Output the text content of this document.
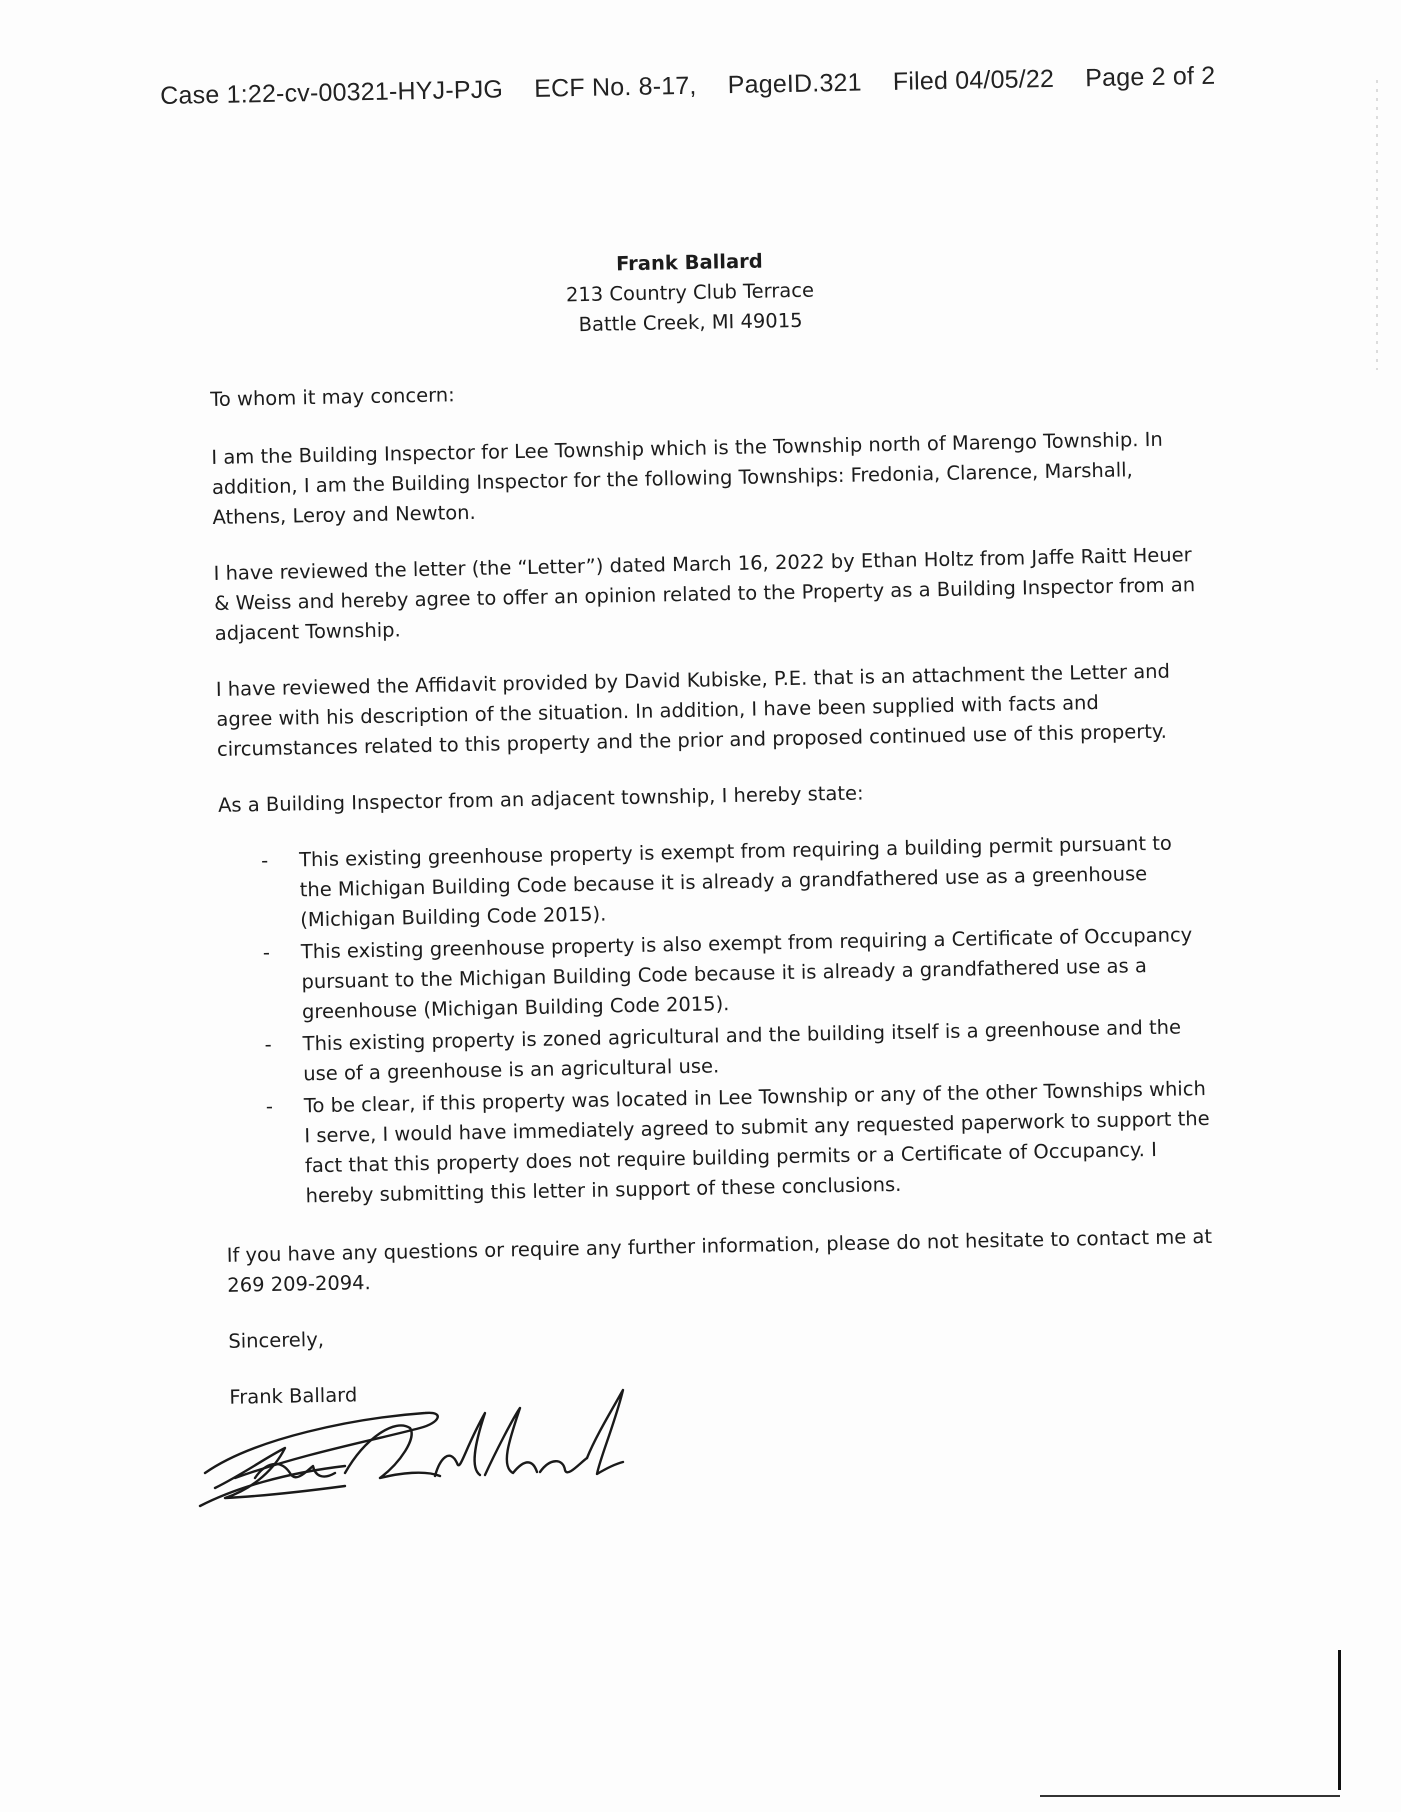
Case 1:22-cv-00321-HYJ-PJG ECF No. 8-17, PageID.321 Filed 04/05/22 Page 2 of 2
Frank Ballard
213 Country Club Terrace
Battle Creek, MI 49015

To whom it may concern:

I am the Building Inspector for Lee Township which is the Township north of Marengo Township. In addition, I am the Building Inspector for the following Townships: Fredonia, Clarence, Marshall, Athens, Leroy and Newton.

I have reviewed the letter (the “Letter”) dated March 16, 2022 by Ethan Holtz from Jaffe Raitt Heuer & Weiss and hereby agree to offer an opinion related to the Property as a Building Inspector from an adjacent Township.

I have reviewed the Affidavit provided by David Kubiske, P.E. that is an attachment the Letter and agree with his description of the situation. In addition, I have been supplied with facts and circumstances related to this property and the prior and proposed continued use of this property.

As a Building Inspector from an adjacent township, I hereby state:

- This existing greenhouse property is exempt from requiring a building permit pursuant to the Michigan Building Code because it is already a grandfathered use as a greenhouse (Michigan Building Code 2015).
- This existing greenhouse property is also exempt from requiring a Certificate of Occupancy pursuant to the Michigan Building Code because it is already a grandfathered use as a greenhouse (Michigan Building Code 2015).
- This existing property is zoned agricultural and the building itself is a greenhouse and the use of a greenhouse is an agricultural use.
- To be clear, if this property was located in Lee Township or any of the other Townships which I serve, I would have immediately agreed to submit any requested paperwork to support the fact that this property does not require building permits or a Certificate of Occupancy. I hereby submitting this letter in support of these conclusions.

If you have any questions or require any further information, please do not hesitate to contact me at 269 209-2094.

Sincerely,

Frank Ballard
